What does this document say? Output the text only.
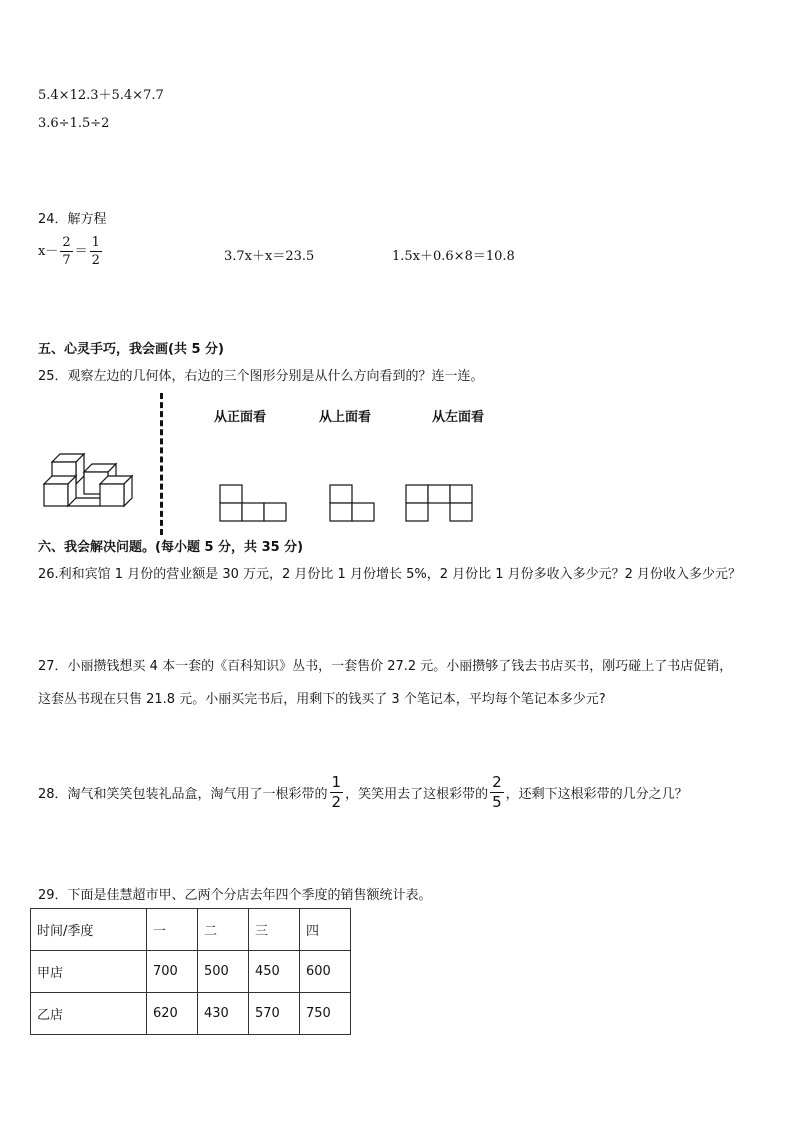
5.4×12.3＋5.4×7.7
3.6÷1.5÷2
24．解方程
$x- \frac{2}{7} = \frac{1}{2}$	3.7x＋x＝23.5	1.5x＋0.6×8＝10.8
五、心灵手巧，我会画(共 5 分)
25．观察左边的几何体，右边的三个图形分别是从什么方向看到的？连一连。
从正面看	从上面看	从左面看
六、我会解决问题。(每小题 5 分，共 35 分)
26.利和宾馆 1 月份的营业额是 30 万元，2 月份比 1 月份增长 5%，2 月份比 1 月份多收入多少元？2 月份收入多少元？
27．小丽攒钱想买 4 本一套的《百科知识》丛书，一套售价 27.2 元。小丽攒够了钱去书店买书，刚巧碰上了书店促销，
这套丛书现在只售 21.8 元。小丽买完书后，用剩下的钱买了 3 个笔记本，平均每个笔记本多少元?
28．淘气和笑笑包装礼品盒，淘气用了一根彩带的 $\frac{1}{2}$ ，笑笑用去了这根彩带的 $\frac{2}{5}$ ，还剩下这根彩带的几分之几？
29．下面是佳慧超市甲、乙两个分店去年四个季度的销售额统计表。
时间/季度	一	二	三	四
甲店	700	500	450	600
乙店	620	430	570	750
